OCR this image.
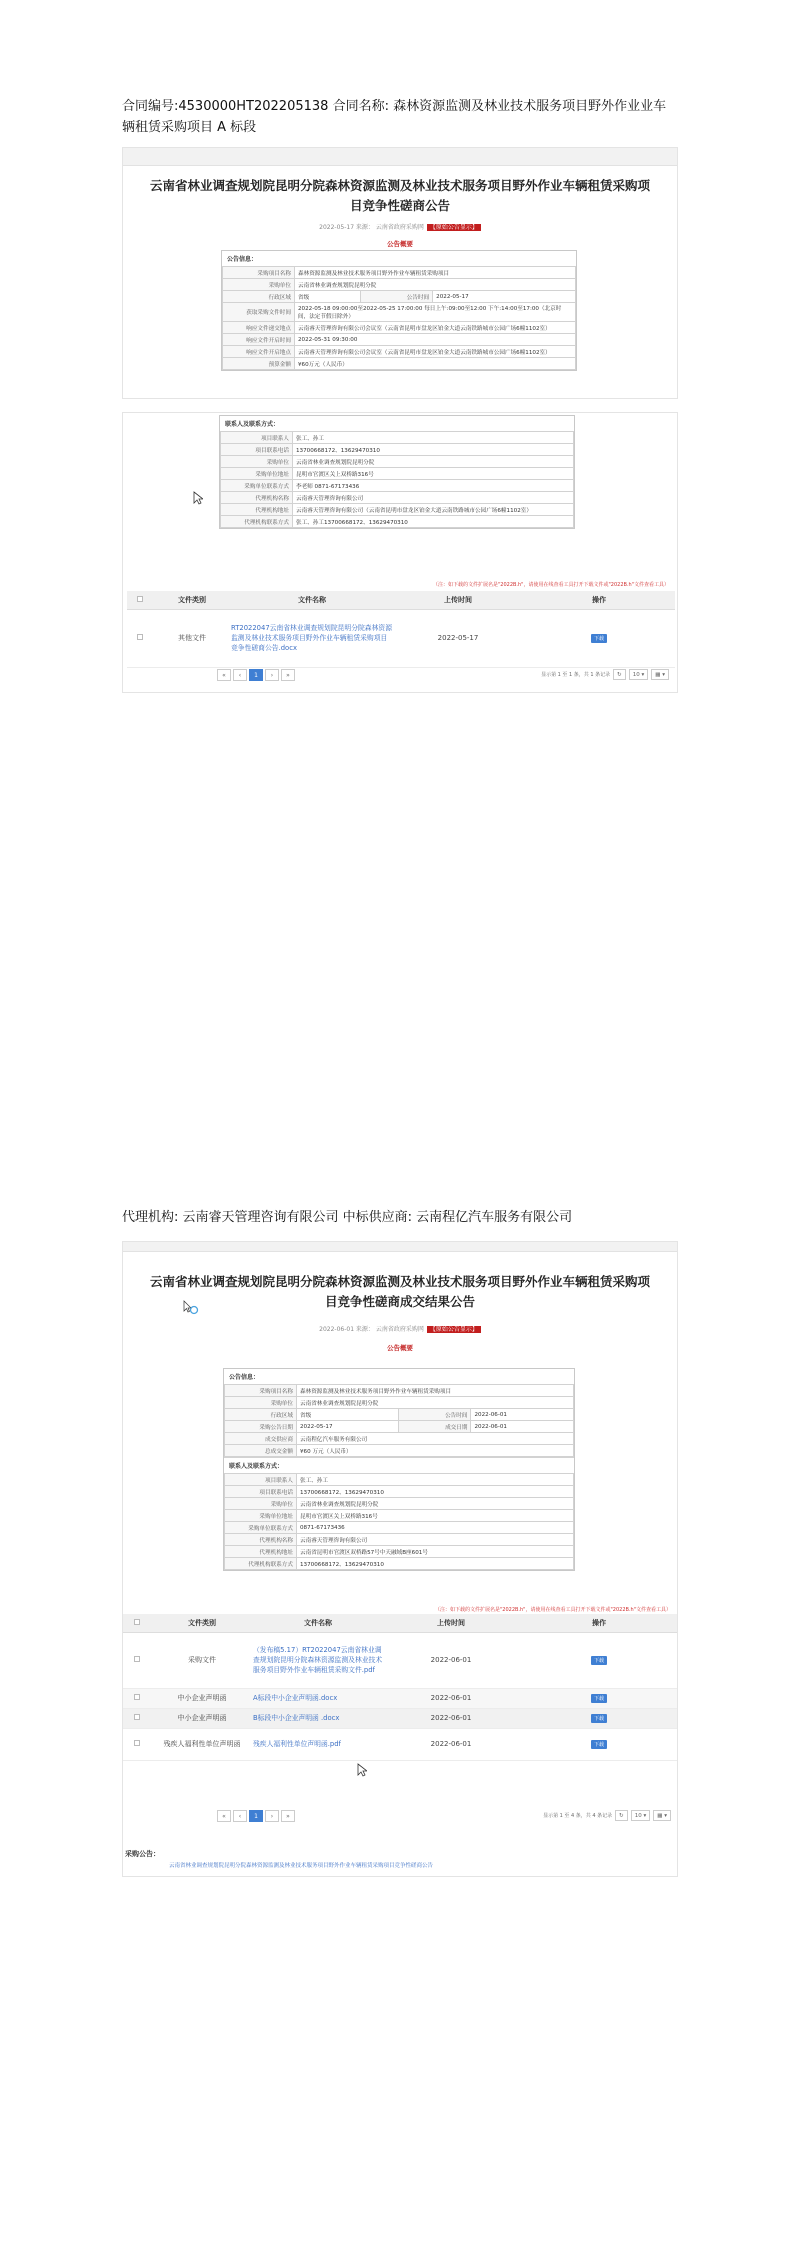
合同编号:4530000HT202205138 合同名称: 森林资源监测及林业技术服务项目野外作业业车
辆租赁采购项目 A 标段
云南省林业调查规划院昆明分院森林资源监测及林业技术服务项目野外作业车辆租赁采购项目竞争性磋商公告
2022-05-17 来源： 云南省政府采购网 【原始公告显示】
公告概要
公告信息：
采购项目名称	森林资源监测及林业技术服务项目野外作业车辆租赁采购项目		
采购单位	云南省林业调查规划院昆明分院		
行政区域	省级	公告时间	2022-05-17
获取采购文件时间	2022-05-18 09:00:00至2022-05-25 17:00:00 每日上午:09:00至12:00 下午:14:00至17:00（北京时间，法定节假日除外）		
响应文件递交地点	云南睿天管理咨询有限公司会议室（云南省昆明市盘龙区铂金大道云南铁路城市公园广场6幢1102室）		
响应文件开启时间	2022-05-31 09:30:00		
响应文件开启地点	云南睿天管理咨询有限公司会议室（云南省昆明市盘龙区铂金大道云南铁路城市公园广场6幢1102室）		
预算金额	¥60万元（人民币）		
联系人及联系方式：
项目联系人	张工、孙工
项目联系电话	13700668172、13629470310
采购单位	云南省林业调查规划院昆明分院
采购单位地址	昆明市官渡区关上双桥路316号
采购单位联系方式	李老师 0871-67173436
代理机构名称	云南睿天管理咨询有限公司
代理机构地址	云南睿天管理咨询有限公司（云南省昆明市盘龙区铂金大道云南铁路城市公园广场6幢1102室）
代理机构联系方式	张工、孙工13700668172、13629470310
（注：如下载的文件扩展名是"2022B.h"，请使用在线查看工具打开下载文件或"2022B.h"文件查看工具）
	文件类别	文件名称	上传时间	操作
	其他文件	RT2022047云南省林业调查规划院昆明分院森林资源监测及林业技术服务项目野外作业车辆租赁采购项目竞争性磋商公告.docx	2022-05-17	下载
«	‹	1	›	»	显示第 1 至 1 条，共 1 条记录	↻	10 ▾	▦ ▾
代理机构: 云南睿天管理咨询有限公司 中标供应商: 云南程亿汽车服务有限公司
云南省林业调查规划院昆明分院森林资源监测及林业技术服务项目野外作业车辆租赁采购项目竞争性磋商成交结果公告
2022-06-01 来源： 云南省政府采购网 【原始公告显示】
公告概要
公告信息：
采购项目名称	森林资源监测及林业技术服务项目野外作业车辆租赁采购项目		
采购单位	云南省林业调查规划院昆明分院		
行政区域	省级	公告时间	2022-06-01
采购公告日期	2022-05-17	成交日期	2022-06-01
成交供应商	云南程亿汽车服务有限公司		
总成交金额	¥60 万元（人民币）		
联系人及联系方式：
项目联系人	张工、孙工
项目联系电话	13700668172、13629470310
采购单位	云南省林业调查规划院昆明分院
采购单位地址	昆明市官渡区关上双桥路316号
采购单位联系方式	0871-67173436
代理机构名称	云南睿天管理咨询有限公司
代理机构地址	云南省昆明市官渡区双桥路57号中天融域B座601号
代理机构联系方式	13700668172、13629470310
（注：如下载的文件扩展名是"2022B.h"，请使用在线查看工具打开下载文件或"2022B.h"文件查看工具）
	文件类别	文件名称	上传时间	操作
	采购文件	（发布稿5.17）RT2022047云南省林业调查规划院昆明分院森林资源监测及林业技术服务项目野外作业车辆租赁采购文件.pdf	2022-06-01	下载
	中小企业声明函	A标段中小企业声明函.docx	2022-06-01	下载
	中小企业声明函	B标段中小企业声明函 .docx	2022-06-01	下载
	残疾人福利性单位声明函	残疾人福利性单位声明函.pdf	2022-06-01	下载
«	‹	1	›	»	显示第 1 至 4 条，共 4 条记录	↻	10 ▾	▦ ▾
采购公告：
云南省林业调查规划院昆明分院森林资源监测及林业技术服务项目野外作业车辆租赁采购项目竞争性磋商公告
